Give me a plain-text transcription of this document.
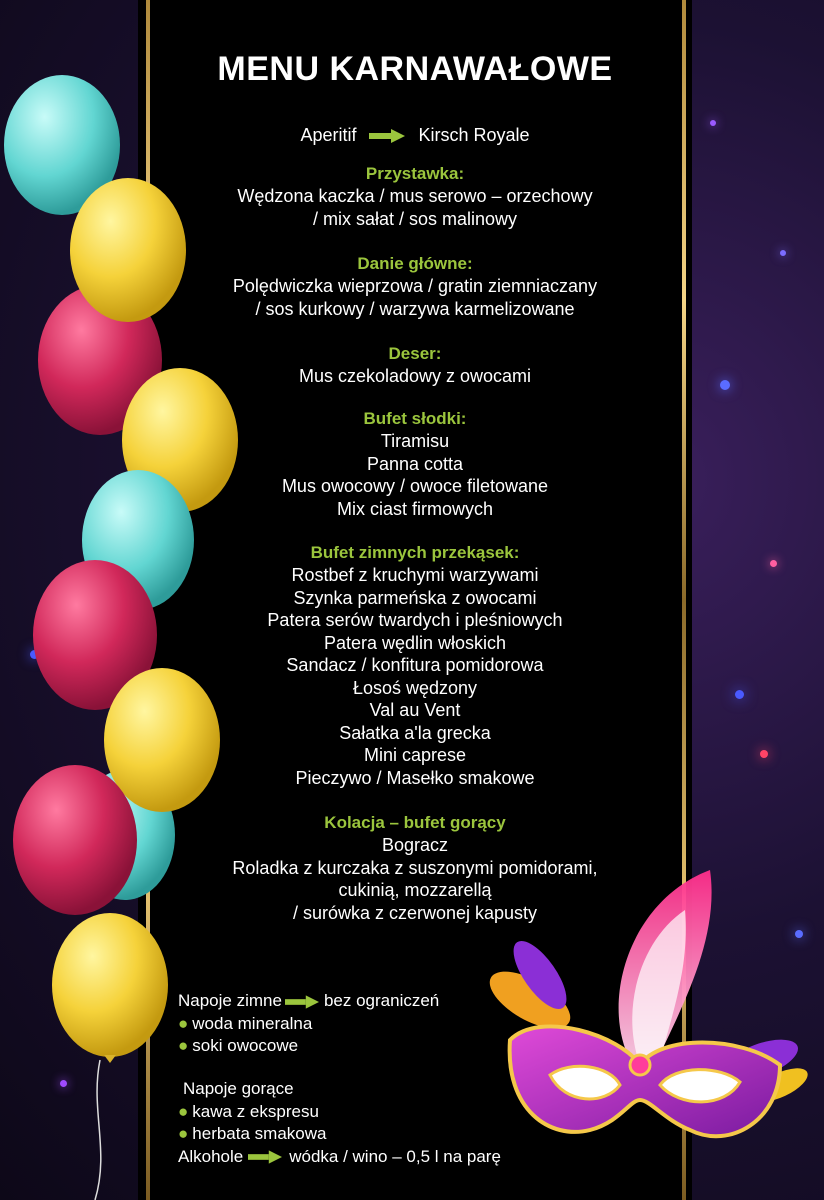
MENU KARNAWAŁOWE
Aperitif	Kirsch Royale
Przystawka:
Wędzona kaczka / mus serowo – orzechowy
/ mix sałat / sos malinowy
Danie główne:
Polędwiczka wieprzowa / gratin ziemniaczany
/ sos kurkowy / warzywa karmelizowane
Deser:
Mus czekoladowy z owocami
Bufet słodki:
Tiramisu
Panna cotta
Mus owocowy / owoce filetowane
Mix ciast firmowych
Bufet zimnych przekąsek:
Rostbef z kruchymi warzywami
Szynka parmeńska z owocami
Patera serów twardych i pleśniowych
Patera wędlin włoskich
Sandacz / konfitura pomidorowa
Łosoś wędzony
Val au Vent
Sałatka a'la grecka
Mini caprese
Pieczywo / Masełko smakowe
Kolacja – bufet gorący
Bogracz
Roladka z kurczaka z suszonymi pomidorami,
cukinią, mozzarellą
/ surówka z czerwonej kapusty
Napoje zimne bez ograniczeń
● woda mineralna
● soki owocowe
Napoje gorące
● kawa z ekspresu
● herbata smakowa
Alkohole	wódka / wino – 0,5 l na parę
